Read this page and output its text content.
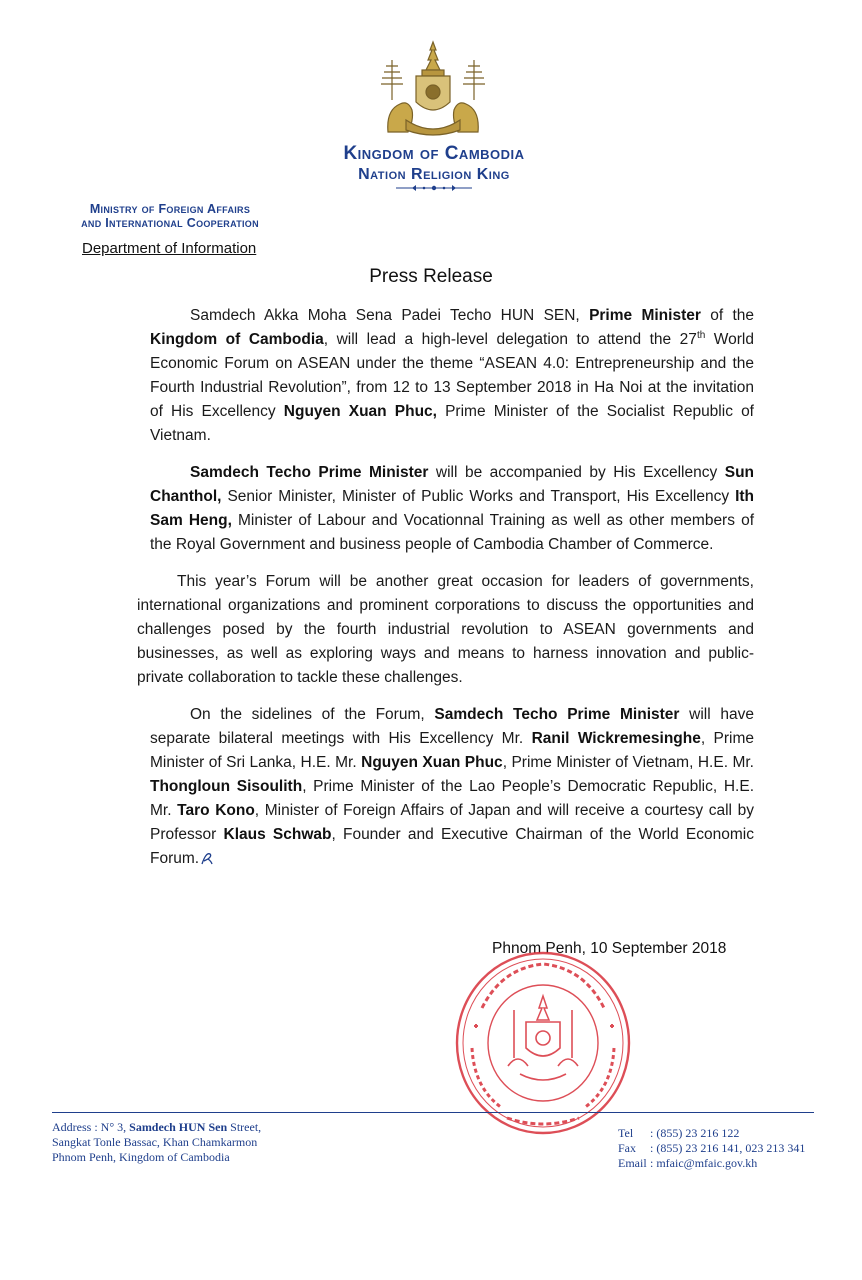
Kingdom of Cambodia
Nation Religion King
Ministry of Foreign Affairs
and International Cooperation
Department of Information
Press Release

Samdech Akka Moha Sena Padei Techo HUN SEN, Prime Minister of the Kingdom of Cambodia, will lead a high-level delegation to attend the 27th World Economic Forum on ASEAN under the theme “ASEAN 4.0: Entrepreneurship and the Fourth Industrial Revolution”, from 12 to 13 September 2018 in Ha Noi at the invitation of His Excellency Nguyen Xuan Phuc, Prime Minister of the Socialist Republic of Vietnam.

Samdech Techo Prime Minister will be accompanied by His Excellency Sun Chanthol, Senior Minister, Minister of Public Works and Transport, His Excellency Ith Sam Heng, Minister of Labour and Vocationnal Training as well as other members of the Royal Government and business people of Cambodia Chamber of Commerce.

This year’s Forum will be another great occasion for leaders of governments, international organizations and prominent corporations to discuss the opportunities and challenges posed by the fourth industrial revolution to ASEAN governments and businesses, as well as exploring ways and means to harness innovation and public-private collaboration to tackle these challenges.

On the sidelines of the Forum, Samdech Techo Prime Minister will have separate bilateral meetings with His Excellency Mr. Ranil Wickremesinghe, Prime Minister of Sri Lanka, H.E. Mr. Nguyen Xuan Phuc, Prime Minister of Vietnam, H.E. Mr. Thongloun Sisoulith, Prime Minister of the Lao People’s Democratic Republic, H.E. Mr. Taro Kono, Minister of Foreign Affairs of Japan and will receive a courtesy call by Professor Klaus Schwab, Founder and Executive Chairman of the World Economic Forum.

Phnom Penh, 10 September 2018
Address : N° 3, Samdech HUN Sen Street,
Sangkat Tonle Bassac, Khan Chamkarmon
Phnom Penh, Kingdom of Cambodia
Tel : (855) 23 216 122
Fax : (855) 23 216 141, 023 213 341
Email : mfaic@mfaic.gov.kh
